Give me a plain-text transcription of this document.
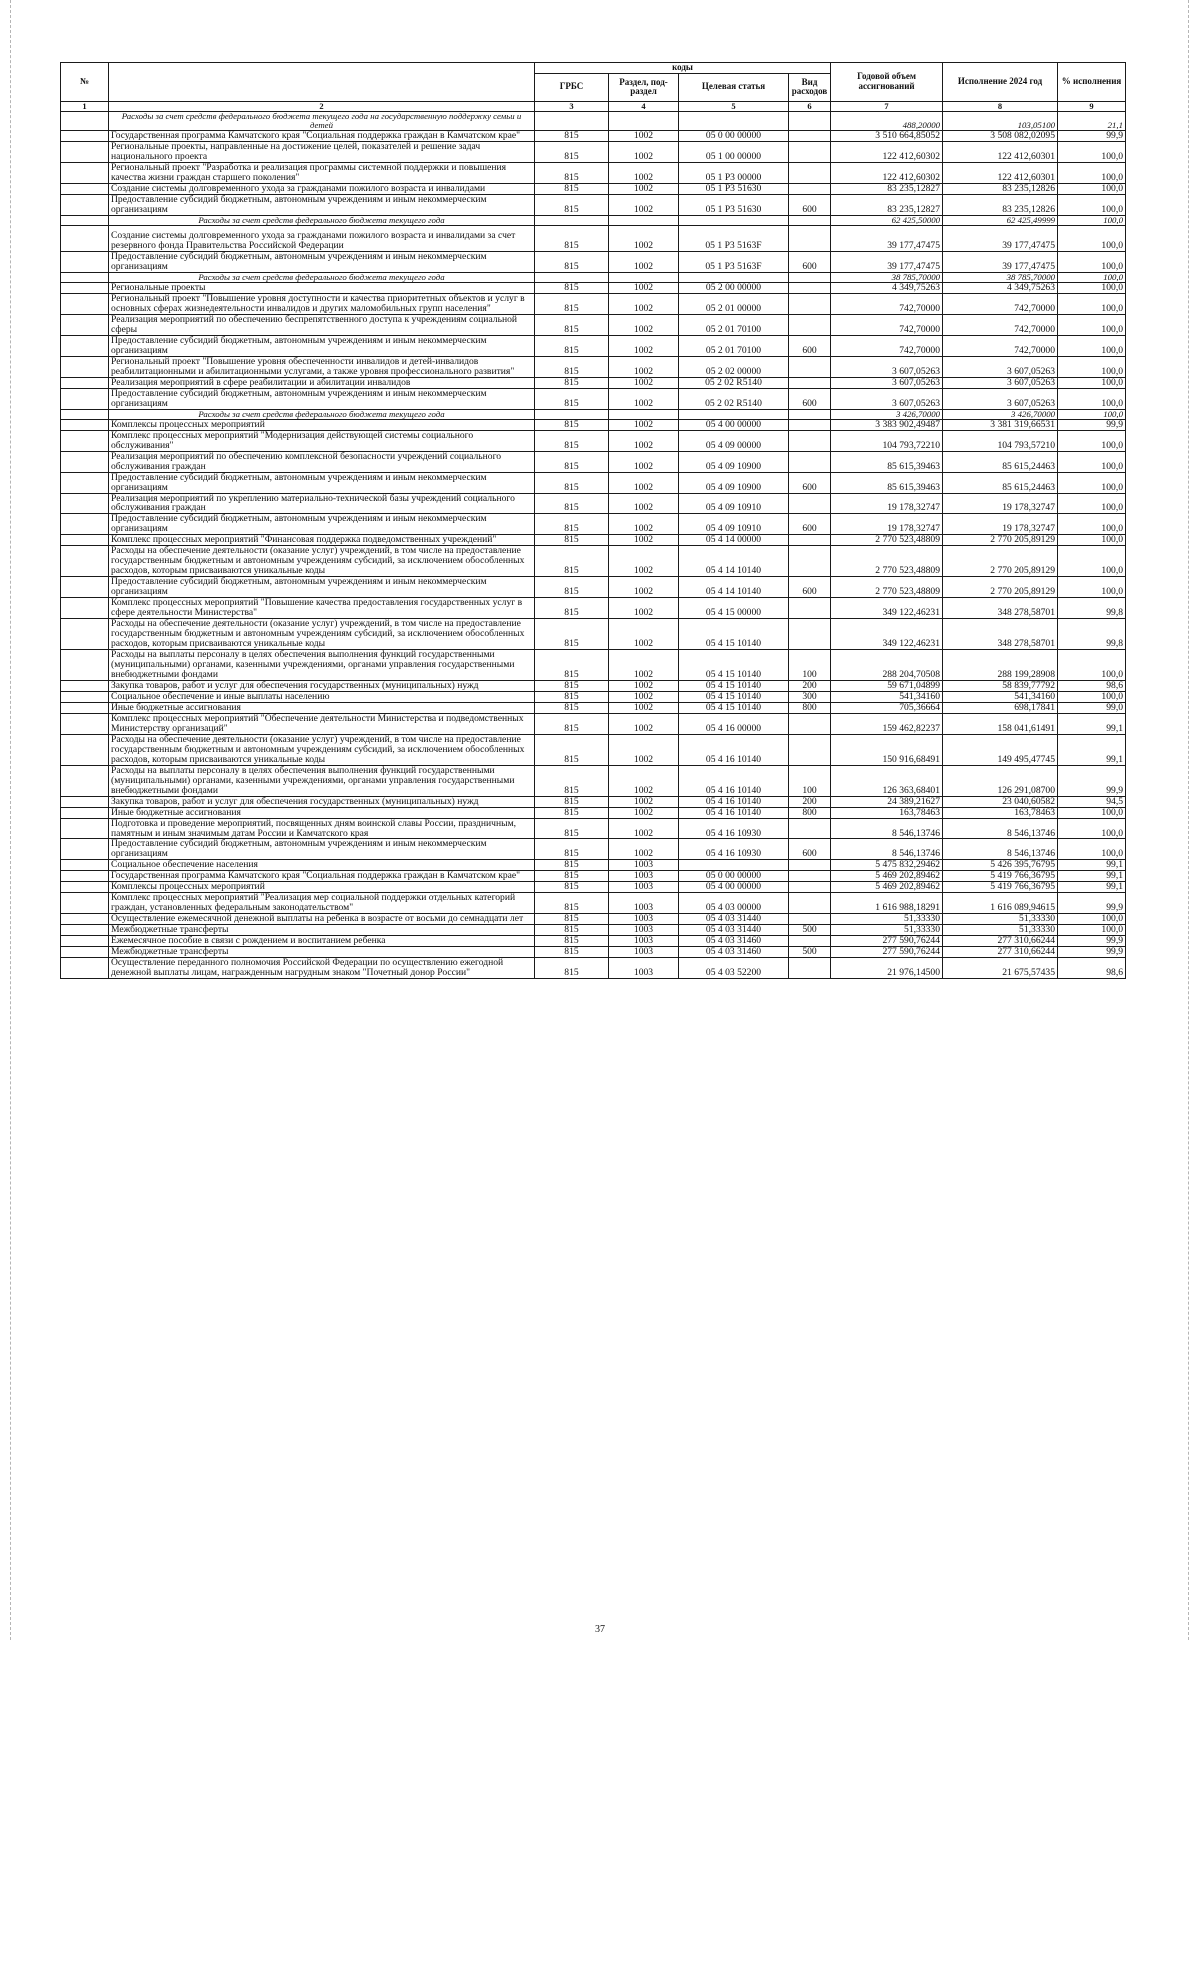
№		коды				Годовой объем ассигнований	Исполнение 2024 год	% исполнения
		ГРБС	Раздел, под-раздел	Целевая статья	Вид расходов			
1	2	3	4	5	6	7	8	9
	Расходы за счет средств федерального бюджета текущего года на государственную поддержку семьи и детей					488,20000	103,05100	21,1
	Государственная программа Камчатского края "Социальная поддержка граждан в Камчатском крае"	815	1002	05 0 00 00000		3 510 664,85052	3 508 082,02095	99,9
	Региональные проекты, направленные на достижение целей, показателей и решение задач национального проекта	815	1002	05 1 00 00000		122 412,60302	122 412,60301	100,0
	Региональный проект "Разработка и реализация программы системной поддержки и повышения качества жизни граждан старшего поколения"	815	1002	05 1 P3 00000		122 412,60302	122 412,60301	100,0
	Создание системы долговременного ухода за гражданами пожилого возраста и инвалидами	815	1002	05 1 P3 51630		83 235,12827	83 235,12826	100,0
	Предоставление субсидий бюджетным, автономным учреждениям и иным некоммерческим организациям	815	1002	05 1 P3 51630	600	83 235,12827	83 235,12826	100,0
	Расходы за счет средств федерального бюджета текущего года					62 425,50000	62 425,49999	100,0
	Создание системы долговременного ухода за гражданами пожилого возраста и инвалидами за счет резервного фонда Правительства Российской Федерации	815	1002	05 1 P3 5163F		39 177,47475	39 177,47475	100,0
	Предоставление субсидий бюджетным, автономным учреждениям и иным некоммерческим организациям	815	1002	05 1 P3 5163F	600	39 177,47475	39 177,47475	100,0
	Расходы за счет средств федерального бюджета текущего года					38 785,70000	38 785,70000	100,0
	Региональные проекты	815	1002	05 2 00 00000		4 349,75263	4 349,75263	100,0
	Региональный проект "Повышение уровня доступности и качества приоритетных объектов и услуг в основных сферах жизнедеятельности инвалидов и других маломобильных групп населения"	815	1002	05 2 01 00000		742,70000	742,70000	100,0
	Реализация мероприятий по обеспечению беспрепятственного доступа к учреждениям социальной сферы	815	1002	05 2 01 70100		742,70000	742,70000	100,0
	Предоставление субсидий бюджетным, автономным учреждениям и иным некоммерческим организациям	815	1002	05 2 01 70100	600	742,70000	742,70000	100,0
	Региональный проект "Повышение уровня обеспеченности инвалидов и детей-инвалидов реабилитационными и абилитационными услугами, а также уровня профессионального развития"	815	1002	05 2 02 00000		3 607,05263	3 607,05263	100,0
	Реализация мероприятий в сфере реабилитации и абилитации инвалидов	815	1002	05 2 02 R5140		3 607,05263	3 607,05263	100,0
	Предоставление субсидий бюджетным, автономным учреждениям и иным некоммерческим организациям	815	1002	05 2 02 R5140	600	3 607,05263	3 607,05263	100,0
	Расходы за счет средств федерального бюджета текущего года					3 426,70000	3 426,70000	100,0
	Комплексы процессных мероприятий	815	1002	05 4 00 00000		3 383 902,49487	3 381 319,66531	99,9
	Комплекс процессных мероприятий "Модернизация действующей системы социального обслуживания"	815	1002	05 4 09 00000		104 793,72210	104 793,57210	100,0
	Реализация мероприятий по обеспечению комплексной безопасности учреждений социального обслуживания граждан	815	1002	05 4 09 10900		85 615,39463	85 615,24463	100,0
	Предоставление субсидий бюджетным, автономным учреждениям и иным некоммерческим организациям	815	1002	05 4 09 10900	600	85 615,39463	85 615,24463	100,0
	Реализация мероприятий по укреплению материально-технической базы учреждений социального обслуживания граждан	815	1002	05 4 09 10910		19 178,32747	19 178,32747	100,0
	Предоставление субсидий бюджетным, автономным учреждениям и иным некоммерческим организациям	815	1002	05 4 09 10910	600	19 178,32747	19 178,32747	100,0
	Комплекс процессных мероприятий "Финансовая поддержка подведомственных учреждений"	815	1002	05 4 14 00000		2 770 523,48809	2 770 205,89129	100,0
	Расходы на обеспечение деятельности (оказание услуг) учреждений, в том числе на предоставление государственным бюджетным и автономным учреждениям субсидий, за исключением обособленных расходов, которым присваиваются уникальные коды	815	1002	05 4 14 10140		2 770 523,48809	2 770 205,89129	100,0
	Предоставление субсидий бюджетным, автономным учреждениям и иным некоммерческим организациям	815	1002	05 4 14 10140	600	2 770 523,48809	2 770 205,89129	100,0
	Комплекс процессных мероприятий "Повышение качества предоставления государственных услуг в сфере деятельности Министерства"	815	1002	05 4 15 00000		349 122,46231	348 278,58701	99,8
	Расходы на обеспечение деятельности (оказание услуг) учреждений, в том числе на предоставление государственным бюджетным и автономным учреждениям субсидий, за исключением обособленных расходов, которым присваиваются уникальные коды	815	1002	05 4 15 10140		349 122,46231	348 278,58701	99,8
	Расходы на выплаты персоналу в целях обеспечения выполнения функций государственными (муниципальными) органами, казенными учреждениями, органами управления государственными внебюджетными фондами	815	1002	05 4 15 10140	100	288 204,70508	288 199,28908	100,0
	Закупка товаров, работ и услуг для обеспечения государственных (муниципальных) нужд	815	1002	05 4 15 10140	200	59 671,04899	58 839,77792	98,6
	Социальное обеспечение и иные выплаты населению	815	1002	05 4 15 10140	300	541,34160	541,34160	100,0
	Иные бюджетные ассигнования	815	1002	05 4 15 10140	800	705,36664	698,17841	99,0
	Комплекс процессных мероприятий "Обеспечение деятельности Министерства и подведомственных Министерству организаций"	815	1002	05 4 16 00000		159 462,82237	158 041,61491	99,1
	Расходы на обеспечение деятельности (оказание услуг) учреждений, в том числе на предоставление государственным бюджетным и автономным учреждениям субсидий, за исключением обособленных расходов, которым присваиваются уникальные коды	815	1002	05 4 16 10140		150 916,68491	149 495,47745	99,1
	Расходы на выплаты персоналу в целях обеспечения выполнения функций государственными (муниципальными) органами, казенными учреждениями, органами управления государственными внебюджетными фондами	815	1002	05 4 16 10140	100	126 363,68401	126 291,08700	99,9
	Закупка товаров, работ и услуг для обеспечения государственных (муниципальных) нужд	815	1002	05 4 16 10140	200	24 389,21627	23 040,60582	94,5
	Иные бюджетные ассигнования	815	1002	05 4 16 10140	800	163,78463	163,78463	100,0
	Подготовка и проведение мероприятий, посвященных дням воинской славы России, праздничным, памятным и иным значимым датам России и Камчатского края	815	1002	05 4 16 10930		8 546,13746	8 546,13746	100,0
	Предоставление субсидий бюджетным, автономным учреждениям и иным некоммерческим организациям	815	1002	05 4 16 10930	600	8 546,13746	8 546,13746	100,0
	Социальное обеспечение населения	815	1003			5 475 832,29462	5 426 395,76795	99,1
	Государственная программа Камчатского края "Социальная поддержка граждан в Камчатском крае"	815	1003	05 0 00 00000		5 469 202,89462	5 419 766,36795	99,1
	Комплексы процессных мероприятий	815	1003	05 4 00 00000		5 469 202,89462	5 419 766,36795	99,1
	Комплекс процессных мероприятий "Реализация мер социальной поддержки отдельных категорий граждан, установленных федеральным законодательством"	815	1003	05 4 03 00000		1 616 988,18291	1 616 089,94615	99,9
	Осуществление ежемесячной денежной выплаты на ребенка в возрасте от восьми до семнадцати лет	815	1003	05 4 03 31440		51,33330	51,33330	100,0
	Межбюджетные трансферты	815	1003	05 4 03 31440	500	51,33330	51,33330	100,0
	Ежемесячное пособие в связи с рождением и воспитанием ребенка	815	1003	05 4 03 31460		277 590,76244	277 310,66244	99,9
	Межбюджетные трансферты	815	1003	05 4 03 31460	500	277 590,76244	277 310,66244	99,9
	Осуществление переданного полномочия Российской Федерации по осуществлению ежегодной денежной выплаты лицам, награжденным нагрудным знаком "Почетный донор России"	815	1003	05 4 03 52200		21 976,14500	21 675,57435	98,6
37
